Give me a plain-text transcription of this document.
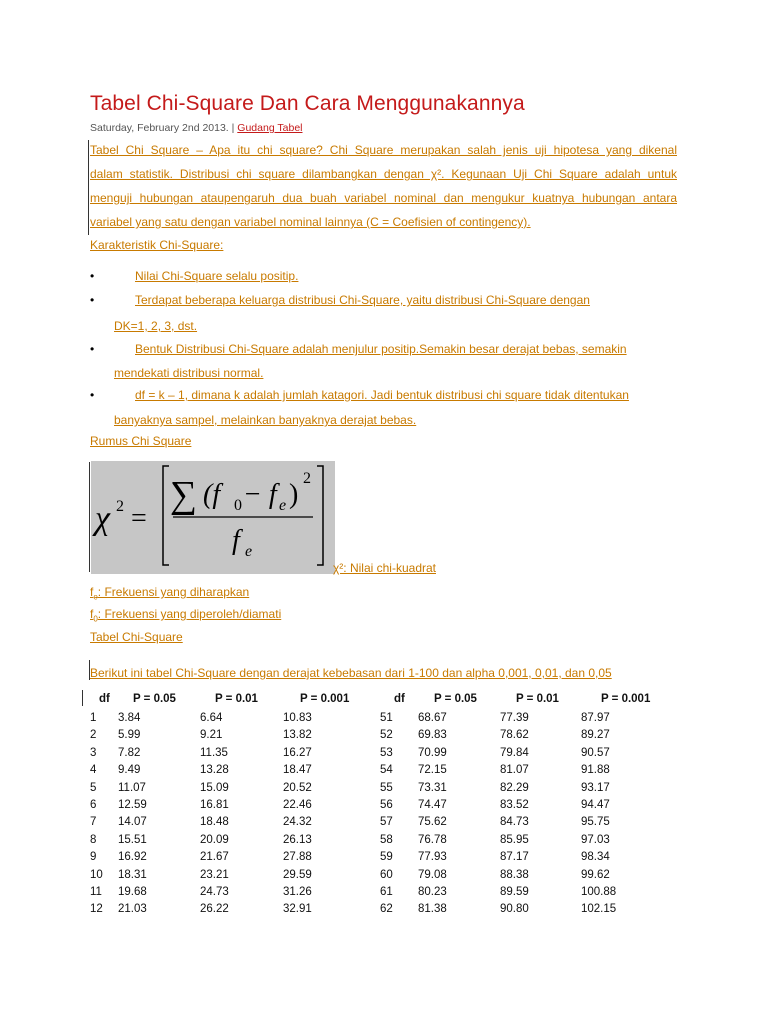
Tabel Chi-Square Dan Cara Menggunakannya
Saturday, February 2nd 2013. | Gudang Tabel
Tabel Chi Square – Apa itu chi square? Chi Square merupakan salah jenis uji hipotesa yang dikenal
dalam statistik. Distribusi chi square dilambangkan dengan χ². Kegunaan Uji Chi Square adalah untuk
menguji hubungan ataupengaruh dua buah variabel nominal dan mengukur kuatnya hubungan antara
variabel yang satu dengan variabel nominal lainnya (C = Coefisien of contingency).
Karakteristik Chi-Square:
•	Nilai Chi-Square selalu positip.
•	Terdapat beberapa keluarga distribusi Chi-Square, yaitu distribusi Chi-Square dengan
DK=1, 2, 3, dst.
•	Bentuk Distribusi Chi-Square adalah menjulur positip.Semakin besar derajat bebas, semakin
mendekati distribusi normal.
•	df = k – 1, dimana k adalah jumlah katagori. Jadi bentuk distribusi chi square tidak ditentukan
banyaknya sampel, melainkan banyaknya derajat bebas.
Rumus Chi Square
χ 2 =
∑ (f 0 − f e )
2
f e
χ²: Nilai chi-kuadrat
$f_e$: Frekuensi yang diharapkan
$f_0$: Frekuensi yang diperoleh/diamati
Tabel Chi-Square
Berikut ini tabel Chi-Square dengan derajat kebebasan dari 1-100 dan alpha 0,001, 0,01, dan 0,05
df P = 0.05	P = 0.01	P = 0.001	df	P = 0.05	P = 0.01	P = 0.001
1 3.84	6.64	10.83	51 68.67	77.39	87.97
2 5.99	9.21	13.82	52 69.83	78.62	89.27
3 7.82	11.35	16.27	53 70.99	79.84	90.57
4 9.49	13.28	18.47	54 72.15	81.07	91.88
5 11.07	15.09	20.52	55 73.31	82.29	93.17
6 12.59	16.81	22.46	56 74.47	83.52	94.47
7 14.07	18.48	24.32	57 75.62	84.73	95.75
8 15.51	20.09	26.13	58 76.78	85.95	97.03
9 16.92	21.67	27.88	59 77.93	87.17	98.34
10 18.31	23.21	29.59	60 79.08	88.38	99.62
11 19.68	24.73	31.26	61 80.23	89.59	100.88
12 21.03	26.22	32.91	62 81.38	90.80	102.15
